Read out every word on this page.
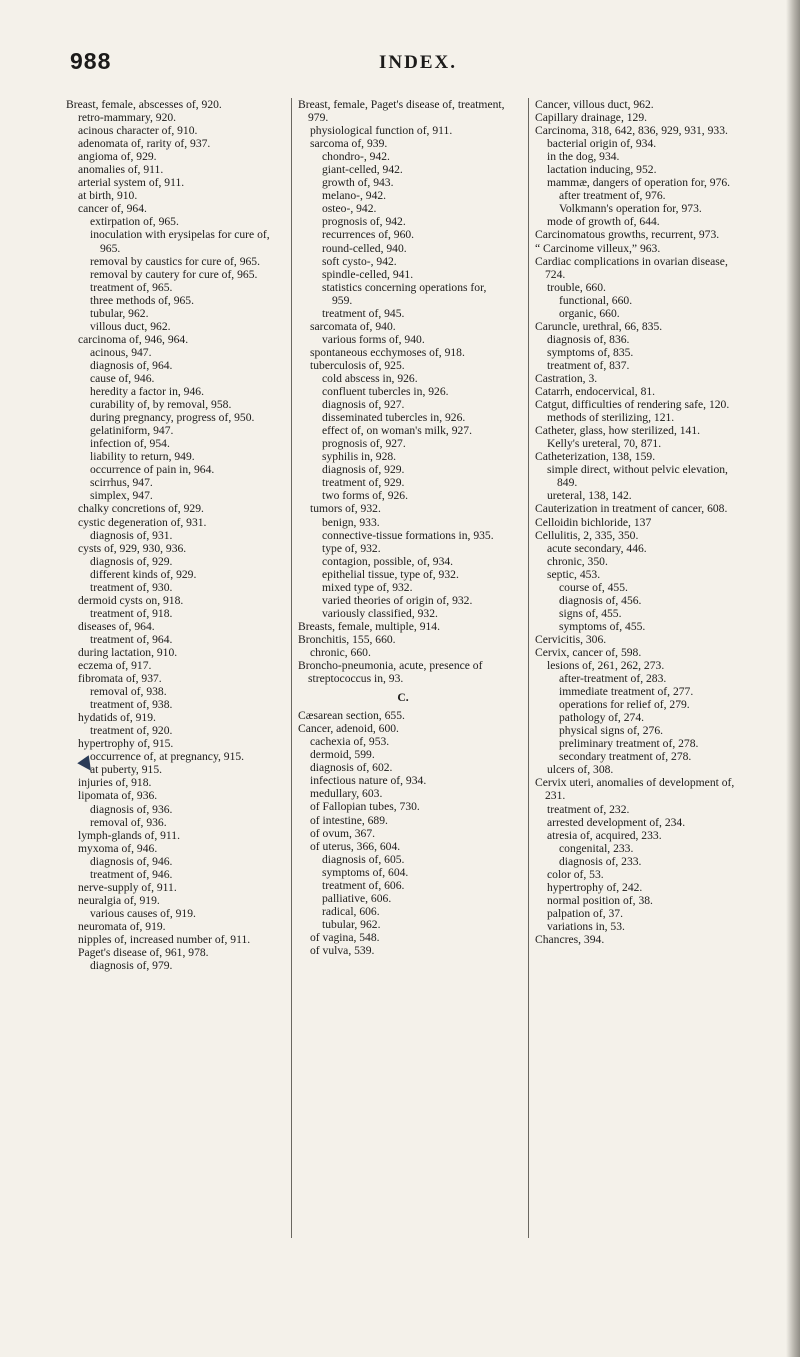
988	INDEX.
Breast, female, abscesses of, 920.
retro-mammary, 920.
acinous character of, 910.
adenomata of, rarity of, 937.
angioma of, 929.
anomalies of, 911.
arterial system of, 911.
at birth, 910.
cancer of, 964.
extirpation of, 965.
inoculation with erysipelas for cure of, 965.
removal by caustics for cure of, 965.
removal by cautery for cure of, 965.
treatment of, 965.
three methods of, 965.
tubular, 962.
villous duct, 962.
carcinoma of, 946, 964.
acinous, 947.
diagnosis of, 964.
cause of, 946.
heredity a factor in, 946.
curability of, by removal, 958.
during pregnancy, progress of, 950.
gelatiniform, 947.
infection of, 954.
liability to return, 949.
occurrence of pain in, 964.
scirrhus, 947.
simplex, 947.
chalky concretions of, 929.
cystic degeneration of, 931.
diagnosis of, 931.
cysts of, 929, 930, 936.
diagnosis of, 929.
different kinds of, 929.
treatment of, 930.
dermoid cysts on, 918.
treatment of, 918.
diseases of, 964.
treatment of, 964.
during lactation, 910.
eczema of, 917.
fibromata of, 937.
removal of, 938.
treatment of, 938.
hydatids of, 919.
treatment of, 920.
hypertrophy of, 915.
occurrence of, at pregnancy, 915.
at puberty, 915.
injuries of, 918.
lipomata of, 936.
diagnosis of, 936.
removal of, 936.
lymph-glands of, 911.
myxoma of, 946.
diagnosis of, 946.
treatment of, 946.
nerve-supply of, 911.
neuralgia of, 919.
various causes of, 919.
neuromata of, 919.
nipples of, increased number of, 911.
Paget's disease of, 961, 978.
diagnosis of, 979.
Breast, female, Paget's disease of, treatment, 979.
physiological function of, 911.
sarcoma of, 939.
chondro-, 942.
giant-celled, 942.
growth of, 943.
melano-, 942.
osteo-, 942.
prognosis of, 942.
recurrences of, 960.
round-celled, 940.
soft cysto-, 942.
spindle-celled, 941.
statistics concerning operations for, 959.
treatment of, 945.
sarcomata of, 940.
various forms of, 940.
spontaneous ecchymoses of, 918.
tuberculosis of, 925.
cold abscess in, 926.
confluent tubercles in, 926.
diagnosis of, 927.
disseminated tubercles in, 926.
effect of, on woman's milk, 927.
prognosis of, 927.
syphilis in, 928.
diagnosis of, 929.
treatment of, 929.
two forms of, 926.
tumors of, 932.
benign, 933.
connective-tissue formations in, 935.
type of, 932.
contagion, possible, of, 934.
epithelial tissue, type of, 932.
mixed type of, 932.
varied theories of origin of, 932.
variously classified, 932.
Breasts, female, multiple, 914.
Bronchitis, 155, 660.
chronic, 660.
Broncho-pneumonia, acute, presence of streptococcus in, 93.
C.
Cæsarean section, 655.
Cancer, adenoid, 600.
cachexia of, 953.
dermoid, 599.
diagnosis of, 602.
infectious nature of, 934.
medullary, 603.
of Fallopian tubes, 730.
of intestine, 689.
of ovum, 367.
of uterus, 366, 604.
diagnosis of, 605.
symptoms of, 604.
treatment of, 606.
palliative, 606.
radical, 606.
tubular, 962.
of vagina, 548.
of vulva, 539.
Cancer, villous duct, 962.
Capillary drainage, 129.
Carcinoma, 318, 642, 836, 929, 931, 933.
bacterial origin of, 934.
in the dog, 934.
lactation inducing, 952.
mammæ, dangers of operation for, 976.
after treatment of, 976.
Volkmann's operation for, 973.
mode of growth of, 644.
Carcinomatous growths, recurrent, 973.
“ Carcinome villeux,” 963.
Cardiac complications in ovarian disease, 724.
trouble, 660.
functional, 660.
organic, 660.
Caruncle, urethral, 66, 835.
diagnosis of, 836.
symptoms of, 835.
treatment of, 837.
Castration, 3.
Catarrh, endocervical, 81.
Catgut, difficulties of rendering safe, 120.
methods of sterilizing, 121.
Catheter, glass, how sterilized, 141.
Kelly's ureteral, 70, 871.
Catheterization, 138, 159.
simple direct, without pelvic elevation, 849.
ureteral, 138, 142.
Cauterization in treatment of cancer, 608.
Celloidin bichloride, 137
Cellulitis, 2, 335, 350.
acute secondary, 446.
chronic, 350.
septic, 453.
course of, 455.
diagnosis of, 456.
signs of, 455.
symptoms of, 455.
Cervicitis, 306.
Cervix, cancer of, 598.
lesions of, 261, 262, 273.
after-treatment of, 283.
immediate treatment of, 277.
operations for relief of, 279.
pathology of, 274.
physical signs of, 276.
preliminary treatment of, 278.
secondary treatment of, 278.
ulcers of, 308.
Cervix uteri, anomalies of development of, 231.
treatment of, 232.
arrested development of, 234.
atresia of, acquired, 233.
congenital, 233.
diagnosis of, 233.
color of, 53.
hypertrophy of, 242.
normal position of, 38.
palpation of, 37.
variations in, 53.
Chancres, 394.
